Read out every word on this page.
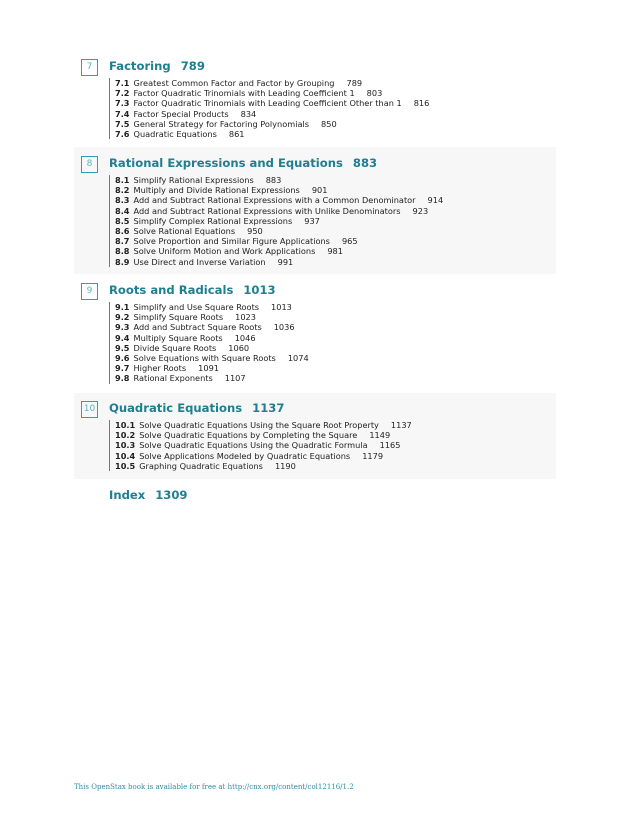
7	Factoring 789
7.1 Greatest Common Factor and Factor by Grouping 789
7.2 Factor Quadratic Trinomials with Leading Coefficient 1 803
7.3 Factor Quadratic Trinomials with Leading Coefficient Other than 1 816
7.4 Factor Special Products 834
7.5 General Strategy for Factoring Polynomials 850
7.6 Quadratic Equations 861
8	Rational Expressions and Equations 883
8.1 Simplify Rational Expressions 883
8.2 Multiply and Divide Rational Expressions 901
8.3 Add and Subtract Rational Expressions with a Common Denominator 914
8.4 Add and Subtract Rational Expressions with Unlike Denominators 923
8.5 Simplify Complex Rational Expressions 937
8.6 Solve Rational Equations 950
8.7 Solve Proportion and Similar Figure Applications 965
8.8 Solve Uniform Motion and Work Applications 981
8.9 Use Direct and Inverse Variation 991
9	Roots and Radicals 1013
9.1 Simplify and Use Square Roots 1013
9.2 Simplify Square Roots 1023
9.3 Add and Subtract Square Roots 1036
9.4 Multiply Square Roots 1046
9.5 Divide Square Roots 1060
9.6 Solve Equations with Square Roots 1074
9.7 Higher Roots 1091
9.8 Rational Exponents 1107
10 Quadratic Equations 1137
10.1 Solve Quadratic Equations Using the Square Root Property 1137
10.2 Solve Quadratic Equations by Completing the Square 1149
10.3 Solve Quadratic Equations Using the Quadratic Formula 1165
10.4 Solve Applications Modeled by Quadratic Equations 1179
10.5 Graphing Quadratic Equations 1190
Index 1309
This OpenStax book is available for free at http://cnx.org/content/col12116/1.2
